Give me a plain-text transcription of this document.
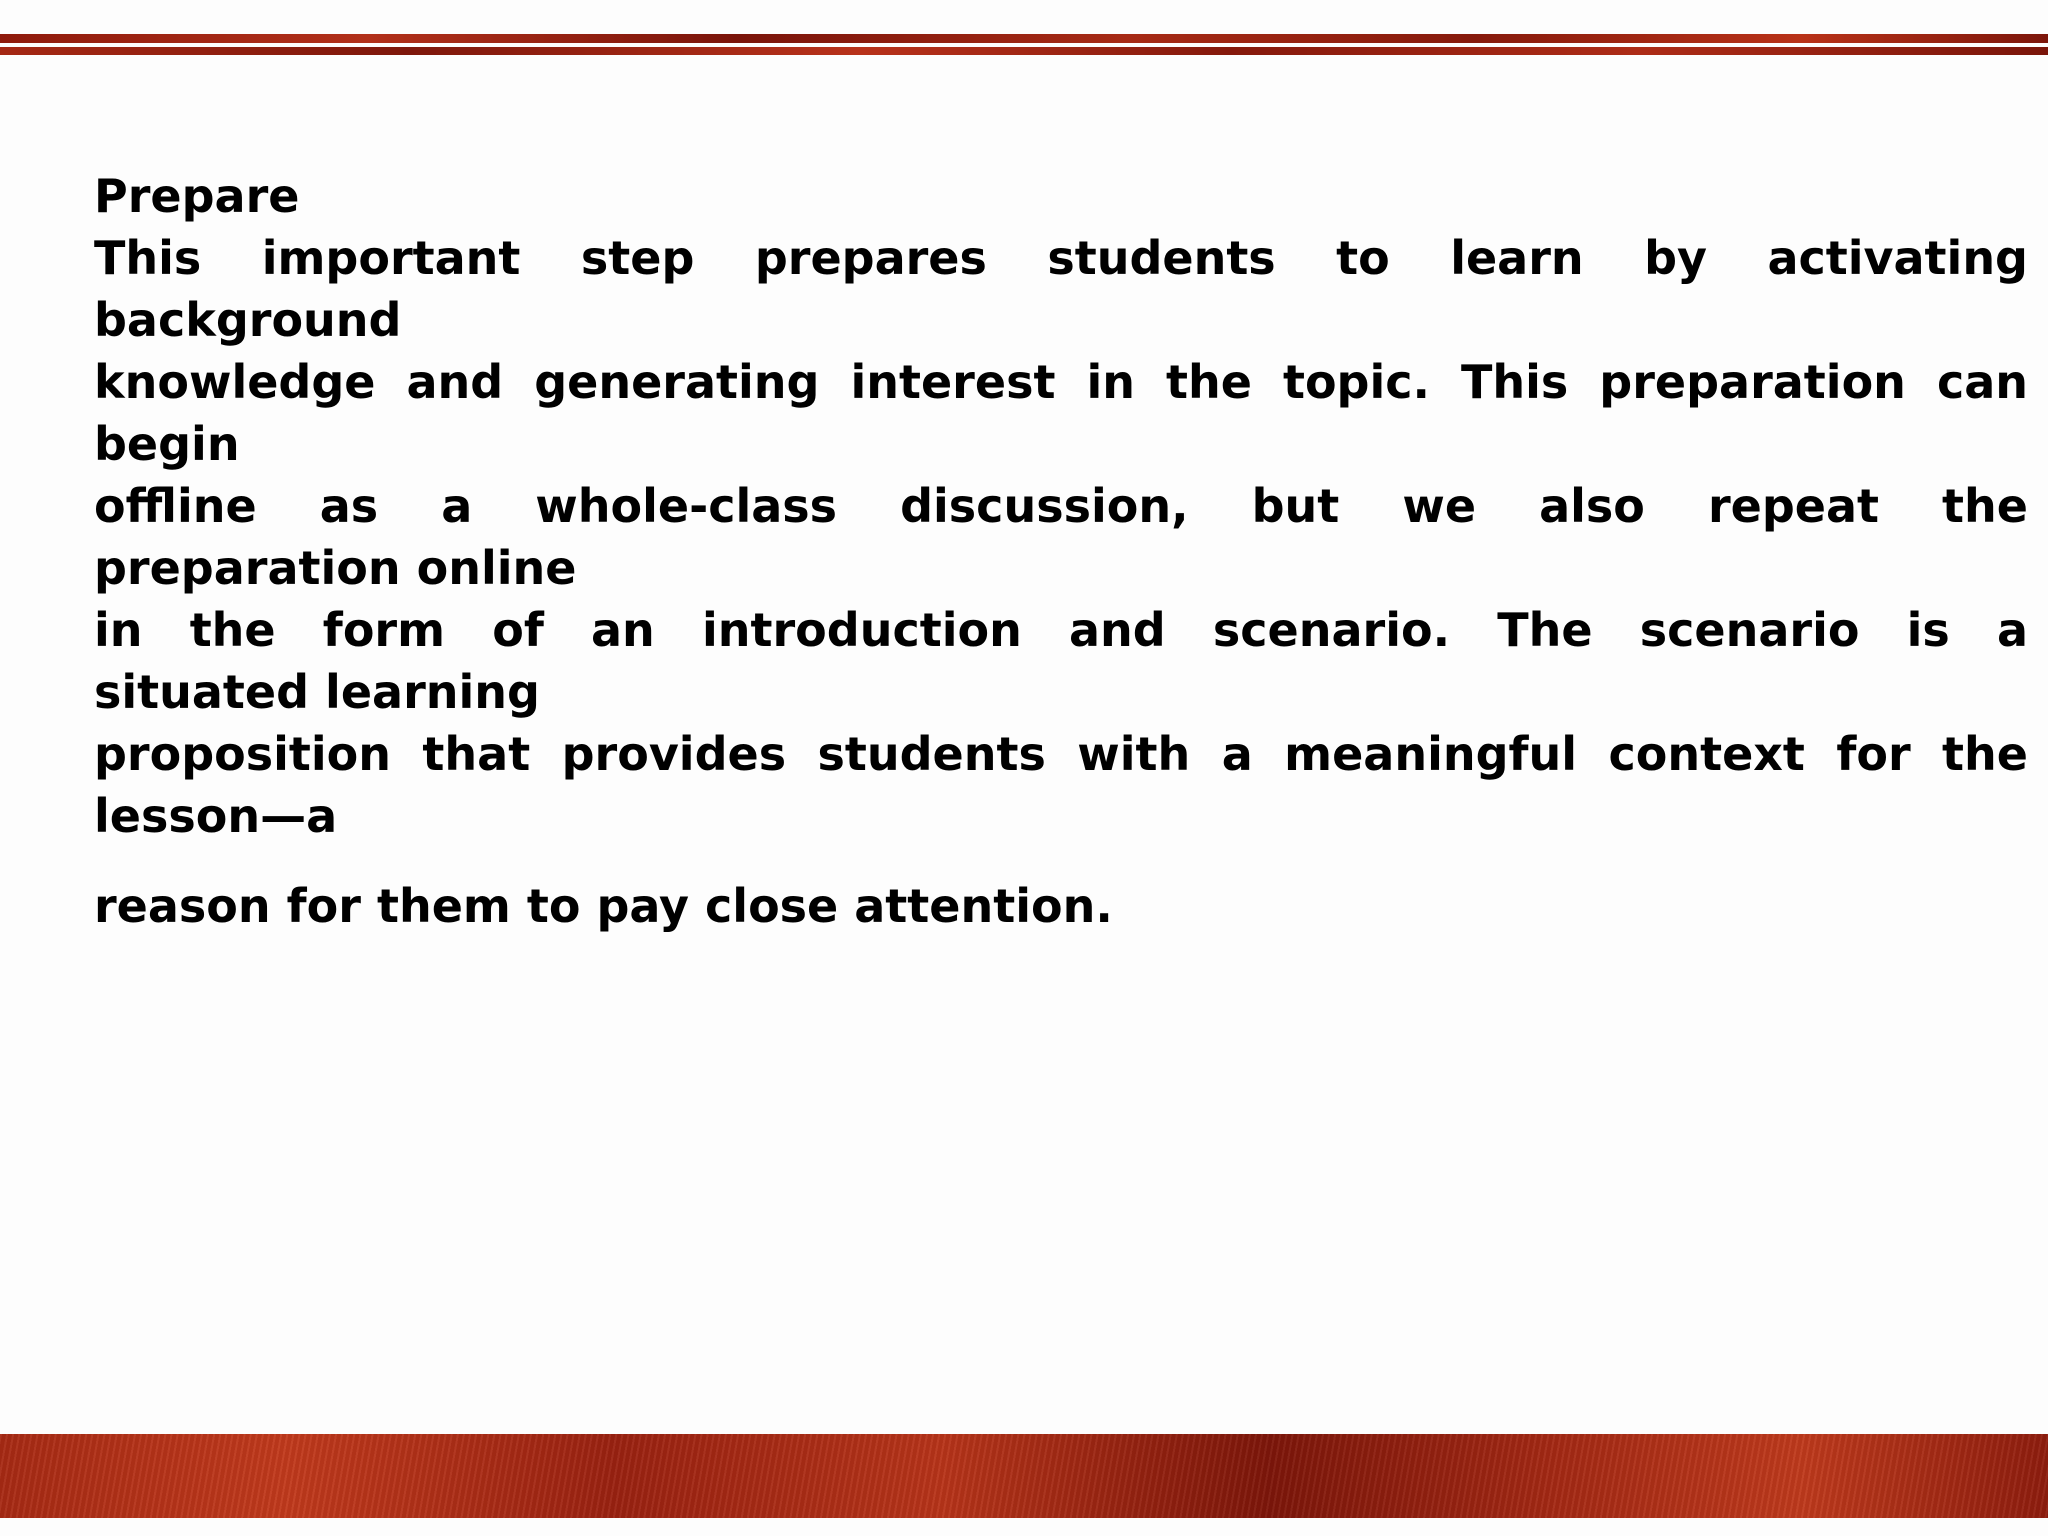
Prepare

This important step prepares students to learn by activating

background

knowledge and generating interest in the topic. This preparation can

begin

offline as a whole-class discussion, but we also repeat the

preparation online

in the form of an introduction and scenario. The scenario is a

situated learning

proposition that provides students with a meaningful context for the

lesson—a

reason for them to pay close attention.
